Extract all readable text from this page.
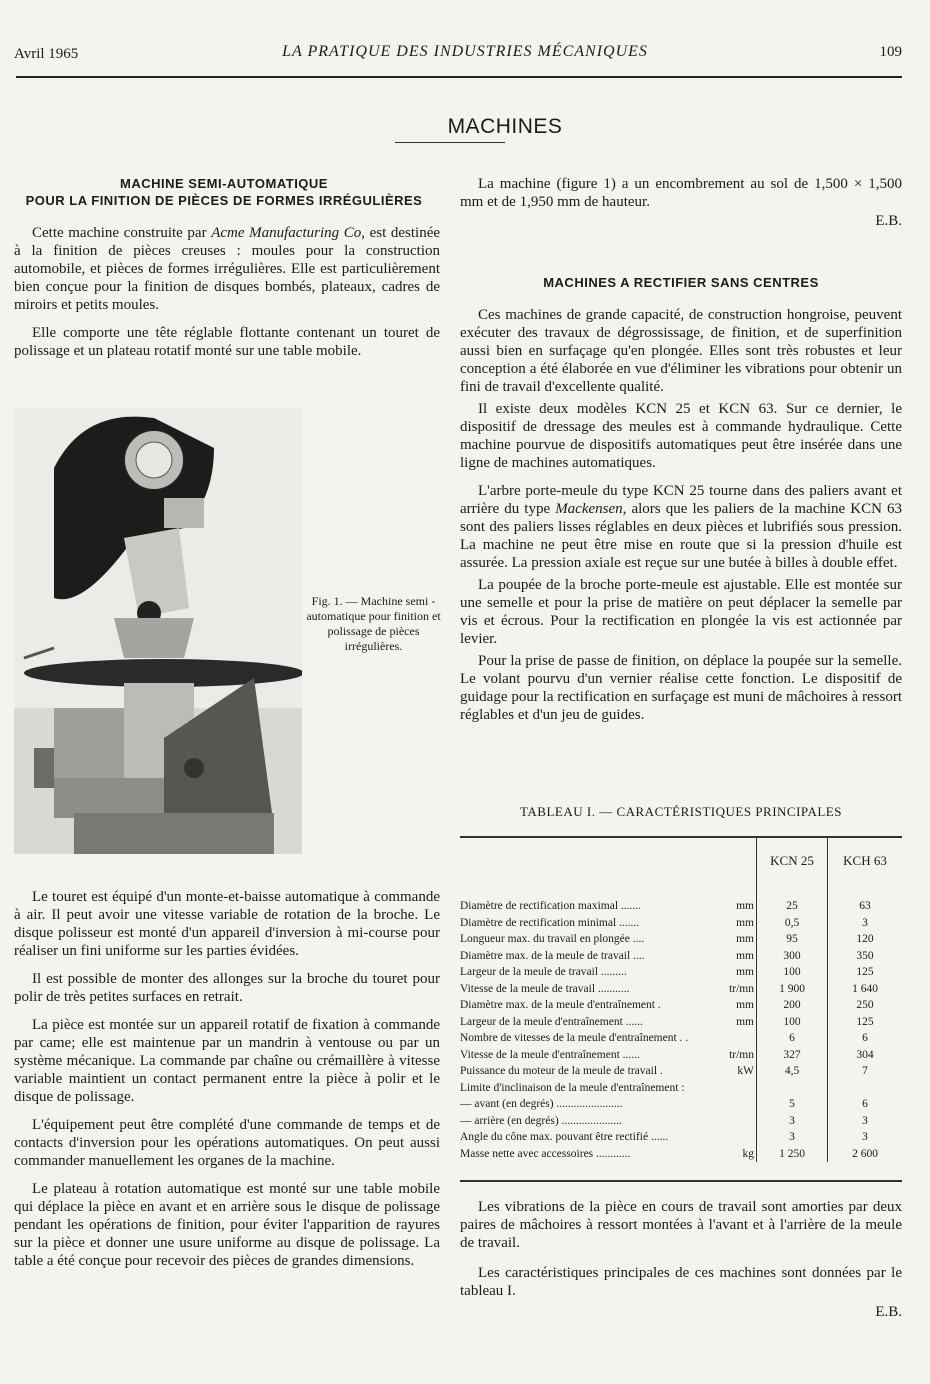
Avril 1965	LA PRATIQUE DES INDUSTRIES MÉCANIQUES	109
MACHINES
MACHINE SEMI-AUTOMATIQUE
POUR LA FINITION DE PIÈCES DE FORMES IRRÉGULIÈRES

Cette machine construite par Acme Manufacturing Co, est destinée à la finition de pièces creuses : moules pour la construction automobile, et pièces de formes irrégulières. Elle est particulièrement bien conçue pour la finition de disques bombés, plateaux, cadres de miroirs et petits moules.

Elle comporte une tête réglable flottante contenant un touret de polissage et un plateau rotatif monté sur une table mobile.

Fig. 1. — Machine semi - automatique pour finition et polissage de pièces irrégulières.

Le touret est équipé d'un monte-et-baisse automatique à commande à air. Il peut avoir une vitesse variable de rotation de la broche. Le disque polisseur est monté d'un appareil d'inversion à mi-course pour réaliser un fini uniforme sur les parties évidées.

Il est possible de monter des allonges sur la broche du touret pour polir de très petites surfaces en retrait.

La pièce est montée sur un appareil rotatif de fixation à commande par came; elle est maintenue par un mandrin à ventouse ou par un système mécanique. La commande par chaîne ou crémaillère à vitesse variable maintient un contact permanent entre la pièce à polir et le disque de polissage.

L'équipement peut être complété d'une commande de temps et de contacts d'inversion pour les opérations automatiques. On peut aussi commander manuellement les organes de la machine.

Le plateau à rotation automatique est monté sur une table mobile qui déplace la pièce en avant et en arrière sous le disque de polissage pendant les opérations de finition, pour éviter l'apparition de rayures sur la pièce et donner une usure uniforme au disque de polissage. La table a été conçue pour recevoir des pièces de grandes dimensions.

La machine (figure 1) a un encombrement au sol de 1,500 × 1,500 mm et de 1,950 mm de hauteur.

E.B.
MACHINES A RECTIFIER SANS CENTRES

Ces machines de grande capacité, de construction hongroise, peuvent exécuter des travaux de dégrossissage, de finition, et de superfinition aussi bien en surfaçage qu'en plongée. Elles sont très robustes et leur conception a été élaborée en vue d'éliminer les vibrations pour obtenir un fini de travail d'excellente qualité.

Il existe deux modèles KCN 25 et KCN 63. Sur ce dernier, le dispositif de dressage des meules est à commande hydraulique. Cette machine pourvue de dispositifs automatiques peut être insérée dans une ligne de machines automatiques.

L'arbre porte-meule du type KCN 25 tourne dans des paliers avant et arrière du type Mackensen, alors que les paliers de la machine KCN 63 sont des paliers lisses réglables en deux pièces et lubrifiés sous pression. La machine ne peut être mise en route que si la pression d'huile est assurée. La pression axiale est reçue sur une butée à billes à double effet.

La poupée de la broche porte-meule est ajustable. Elle est montée sur une semelle et pour la prise de matière on peut déplacer la semelle par vis et écrous. Pour la rectification en plongée la vis est actionnée par levier.

Pour la prise de passe de finition, on déplace la poupée sur la semelle. Le volant pourvu d'un vernier réalise cette fonction. Le dispositif de guidage pour la rectification en surfaçage est muni de mâchoires à ressort réglables et d'un jeu de guides.

TABLEAU I. — CARACTÉRISTIQUES PRINCIPALES
		KCN 25	KCH 63

Diamètre de rectification maximal .......	mm	25	63
Diamètre de rectification minimal .......	mm	0,5	3
Longueur max. du travail en plongée ....	mm	95	120
Diamètre max. de la meule de travail ....	mm	300	350
Largeur de la meule de travail .........	mm	100	125
Vitesse de la meule de travail ...........	tr/mn	1 900	1 640
Diamètre max. de la meule d'entraînement .	mm	200	250
Largeur de la meule d'entraînement ......	mm	100	125
Nombre de vitesses de la meule d'entraînement . .		6	6
Vitesse de la meule d'entraînement ......	tr/mn	327	304
Puissance du moteur de la meule de travail .	kW	4,5	7
Limite d'inclinaison de la meule d'entraînement :			
— avant (en degrés) .......................		5	6
— arrière (en degrés) .....................		3	3
Angle du cône max. pouvant être rectifié ......		3	3
Masse nette avec accessoires ............	kg	1 250	2 600

Les vibrations de la pièce en cours de travail sont amorties par deux paires de mâchoires à ressort montées à l'avant et à l'arrière de la meule de travail.

Les caractéristiques principales de ces machines sont données par le tableau I.

E.B.
